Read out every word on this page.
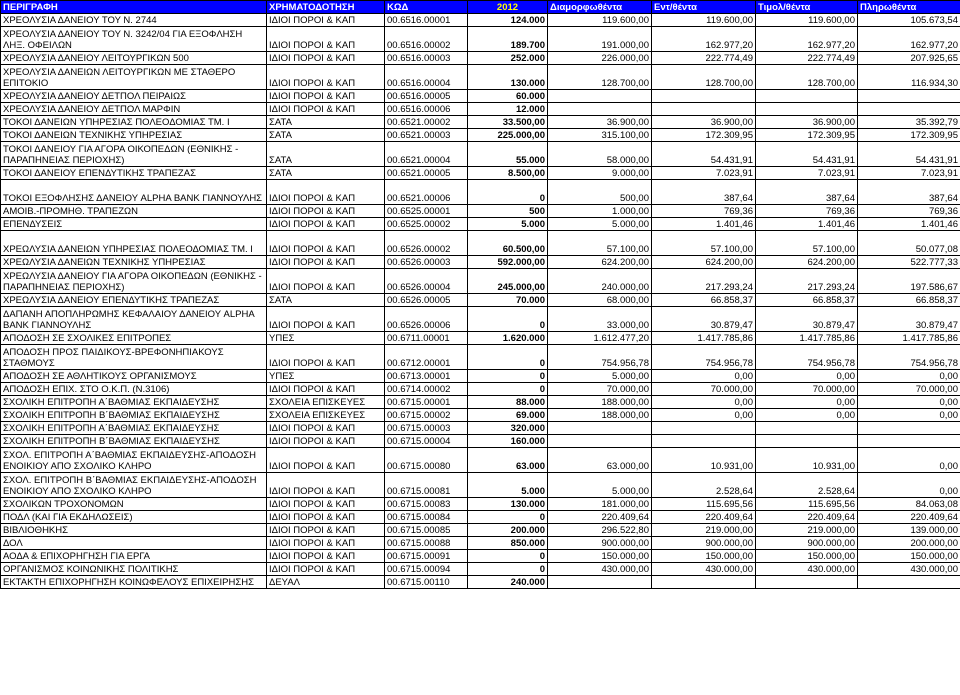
ΠΕΡΙΓΡΑΦΗ	ΧΡΗΜΑΤΟΔΟΤΗΣΗ	ΚΩΔ	2012	Διαμορφωθέντα	Εντ/θέντα	Τιμολ/θέντα	Πληρωθέντα
ΧΡΕΟΛΥΣΙΑ ΔΑΝΕΙΟΥ ΤΟΥ Ν. 2744	ΙΔΙΟΙ ΠΟΡΟΙ & ΚΑΠ	00.6516.00001	124.000	119.600,00	119.600,00	119.600,00	105.673,54
ΧΡΕΟΛΥΣΙΑ ΔΑΝΕΙΟΥ ΤΟΥ Ν. 3242/04 ΓΙΑ ΕΞΟΦΛΗΣΗ ΛΗΞ. ΟΦΕΙΛΩΝ	ΙΔΙΟΙ ΠΟΡΟΙ & ΚΑΠ	00.6516.00002	189.700	191.000,00	162.977,20	162.977,20	162.977,20
ΧΡΕΟΛΥΣΙΑ ΔΑΝΕΙΟΥ ΛΕΙΤΟΥΡΓΙΚΩΝ 500	ΙΔΙΟΙ ΠΟΡΟΙ & ΚΑΠ	00.6516.00003	252.000	226.000,00	222.774,49	222.774,49	207.925,65
ΧΡΕΟΛΥΣΙΑ ΔΑΝΕΙΩΝ ΛΕΙΤΟΥΡΓΙΚΩΝ ΜΕ ΣΤΑΘΕΡΟ ΕΠΙΤΟΚΙΟ	ΙΔΙΟΙ ΠΟΡΟΙ & ΚΑΠ	00.6516.00004	130.000	128.700,00	128.700,00	128.700,00	116.934,30
ΧΡΕΟΛΥΣΙΑ ΔΑΝΕΙΟΥ ΔΕΤΠΟΛ ΠΕΙΡΑΙΩΣ	ΙΔΙΟΙ ΠΟΡΟΙ & ΚΑΠ	00.6516.00005	60.000				
ΧΡΕΟΛΥΣΙΑ ΔΑΝΕΙΟΥ ΔΕΤΠΟΛ ΜΑΡΦΙΝ	ΙΔΙΟΙ ΠΟΡΟΙ & ΚΑΠ	00.6516.00006	12.000				
ΤΟΚΟΙ ΔΑΝΕΙΩΝ ΥΠΗΡΕΣΙΑΣ ΠΟΛΕΟΔΟΜΙΑΣ ΤΜ. Ι	ΣΑΤΑ	00.6521.00002	33.500,00	36.900,00	36.900,00	36.900,00	35.392,79
ΤΟΚΟΙ ΔΑΝΕΙΩΝ ΤΕΧΝΙΚΗΣ ΥΠΗΡΕΣΙΑΣ	ΣΑΤΑ	00.6521.00003	225.000,00	315.100,00	172.309,95	172.309,95	172.309,95
ΤΟΚΟΙ ΔΑΝΕΙΟΥ ΓΙΑ ΑΓΟΡΑ ΟΙΚΟΠΕΔΩΝ (ΕΘΝΙΚΗΣ - ΠΑΡΑΠΗΝΕΙΑΣ ΠΕΡΙΟΧΗΣ)	ΣΑΤΑ	00.6521.00004	55.000	58.000,00	54.431,91	54.431,91	54.431,91
ΤΟΚΟΙ ΔΑΝΕΙΟΥ ΕΠΕΝΔΥΤΙΚΗΣ ΤΡΑΠΕΖΑΣ	ΣΑΤΑ	00.6521.00005	8.500,00	9.000,00	7.023,91	7.023,91	7.023,91
ΤΟΚΟΙ ΕΞΟΦΛΗΣΗΣ ΔΑΝΕΙΟΥ ALPHA BANK ΓΙΑΝΝΟΥΛΗΣ	ΙΔΙΟΙ ΠΟΡΟΙ & ΚΑΠ	00.6521.00006	0	500,00	387,64	387,64	387,64
ΑΜΟΙΒ.-ΠΡΟΜΗΘ. ΤΡΑΠΕΖΩΝ	ΙΔΙΟΙ ΠΟΡΟΙ & ΚΑΠ	00.6525.00001	500	1.000,00	769,36	769,36	769,36
ΕΠΕΝΔΥΣΕΙΣ	ΙΔΙΟΙ ΠΟΡΟΙ & ΚΑΠ	00.6525.00002	5.000	5.000,00	1.401,46	1.401,46	1.401,46
ΧΡΕΩΛΥΣΙΑ ΔΑΝΕΙΩΝ ΥΠΗΡΕΣΙΑΣ ΠΟΛΕΟΔΟΜΙΑΣ ΤΜ. Ι	ΙΔΙΟΙ ΠΟΡΟΙ & ΚΑΠ	00.6526.00002	60.500,00	57.100,00	57.100,00	57.100,00	50.077,08
ΧΡΕΩΛΥΣΙΑ ΔΑΝΕΙΩΝ ΤΕΧΝΙΚΗΣ ΥΠΗΡΕΣΙΑΣ	ΙΔΙΟΙ ΠΟΡΟΙ & ΚΑΠ	00.6526.00003	592.000,00	624.200,00	624.200,00	624.200,00	522.777,33
ΧΡΕΩΛΥΣΙΑ ΔΑΝΕΙΟΥ ΓΙΑ ΑΓΟΡΑ ΟΙΚΟΠΕΔΩΝ (ΕΘΝΙΚΗΣ - ΠΑΡΑΠΗΝΕΙΑΣ ΠΕΡΙΟΧΗΣ)	ΙΔΙΟΙ ΠΟΡΟΙ & ΚΑΠ	00.6526.00004	245.000,00	240.000,00	217.293,24	217.293,24	197.586,67
ΧΡΕΩΛΥΣΙΑ ΔΑΝΕΙΟΥ ΕΠΕΝΔΥΤΙΚΗΣ ΤΡΑΠΕΖΑΣ	ΣΑΤΑ	00.6526.00005	70.000	68.000,00	66.858,37	66.858,37	66.858,37
ΔΑΠΑΝΗ ΑΠΟΠΛΗΡΩΜΗΣ ΚΕΦΑΛΑΙΟΥ ΔΑΝΕΙΟΥ ALPHA BANK ΓΙΑΝΝΟΥΛΗΣ	ΙΔΙΟΙ ΠΟΡΟΙ & ΚΑΠ	00.6526.00006	0	33.000,00	30.879,47	30.879,47	30.879,47
ΑΠΟΔΟΣΗ ΣΕ ΣΧΟΛΙΚΕΣ ΕΠΙΤΡΟΠΕΣ	ΥΠΕΣ	00.6711.00001	1.620.000	1.612.477,20	1.417.785,86	1.417.785,86	1.417.785,86
ΑΠΟΔΟΣΗ ΠΡΟΣ ΠΑΙΔΙΚΟΥΣ-ΒΡΕΦΟΝΗΠΙΑΚΟΥΣ ΣΤΑΘΜΟΥΣ	ΙΔΙΟΙ ΠΟΡΟΙ & ΚΑΠ	00.6712.00001	0	754.956,78	754.956,78	754.956,78	754.956,78
ΑΠΟΔΟΣΗ ΣΕ ΑΘΛΗΤΙΚΟΥΣ ΟΡΓΑΝΙΣΜΟΥΣ	ΥΠΕΣ	00.6713.00001	0	5.000,00	0,00	0,00	0,00
ΑΠΟΔΟΣΗ ΕΠΙΧ. ΣΤΟ Ο.Κ.Π. (Ν.3106)	ΙΔΙΟΙ ΠΟΡΟΙ & ΚΑΠ	00.6714.00002	0	70.000,00	70.000,00	70.000,00	70.000,00
ΣΧΟΛΙΚΗ ΕΠΙΤΡΟΠΗ Α΄ΒΑΘΜΙΑΣ ΕΚΠΑΙΔΕΥΣΗΣ	ΣΧΟΛΕΙΑ ΕΠΙΣΚΕΥΕΣ	00.6715.00001	88.000	188.000,00	0,00	0,00	0,00
ΣΧΟΛΙΚΗ ΕΠΙΤΡΟΠΗ Β΄ΒΑΘΜΙΑΣ ΕΚΠΑΙΔΕΥΣΗΣ	ΣΧΟΛΕΙΑ ΕΠΙΣΚΕΥΕΣ	00.6715.00002	69.000	188.000,00	0,00	0,00	0,00
ΣΧΟΛΙΚΗ ΕΠΙΤΡΟΠΗ Α΄ΒΑΘΜΙΑΣ ΕΚΠΑΙΔΕΥΣΗΣ	ΙΔΙΟΙ ΠΟΡΟΙ & ΚΑΠ	00.6715.00003	320.000				
ΣΧΟΛΙΚΗ ΕΠΙΤΡΟΠΗ Β΄ΒΑΘΜΙΑΣ ΕΚΠΑΙΔΕΥΣΗΣ	ΙΔΙΟΙ ΠΟΡΟΙ & ΚΑΠ	00.6715.00004	160.000				
ΣΧΟΛ. ΕΠΙΤΡΟΠΗ Α΄ΒΑΘΜΙΑΣ ΕΚΠΑΙΔΕΥΣΗΣ-ΑΠΟΔΟΣΗ ΕΝΟΙΚΙΟΥ ΑΠΟ ΣΧΟΛΙΚΟ ΚΛΗΡΟ	ΙΔΙΟΙ ΠΟΡΟΙ & ΚΑΠ	00.6715.00080	63.000	63.000,00	10.931,00	10.931,00	0,00
ΣΧΟΛ. ΕΠΙΤΡΟΠΗ Β΄ΒΑΘΜΙΑΣ ΕΚΠΑΙΔΕΥΣΗΣ-ΑΠΟΔΟΣΗ ΕΝΟΙΚΙΟΥ ΑΠΟ ΣΧΟΛΙΚΟ ΚΛΗΡΟ	ΙΔΙΟΙ ΠΟΡΟΙ & ΚΑΠ	00.6715.00081	5.000	5.000,00	2.528,64	2.528,64	0,00
ΣΧΟΛΙΚΩΝ ΤΡΟΧΟΝΟΜΩΝ	ΙΔΙΟΙ ΠΟΡΟΙ & ΚΑΠ	00.6715.00083	130.000	181.000,00	115.695,56	115.695,56	84.063,08
ΠΟΔΛ (ΚΑΙ ΓΙΑ ΕΚΔΗΛΩΣΕΙΣ)	ΙΔΙΟΙ ΠΟΡΟΙ & ΚΑΠ	00.6715.00084	0	220.409,64	220.409,64	220.409,64	220.409,64
ΒΙΒΛΙΟΘΗΚΗΣ	ΙΔΙΟΙ ΠΟΡΟΙ & ΚΑΠ	00.6715.00085	200.000	296.522,80	219.000,00	219.000,00	139.000,00
ΔΟΛ	ΙΔΙΟΙ ΠΟΡΟΙ & ΚΑΠ	00.6715.00088	850.000	900.000,00	900.000,00	900.000,00	200.000,00
ΑΟΔΑ & ΕΠΙΧΟΡΗΓΗΣΗ ΓΙΑ ΕΡΓΑ	ΙΔΙΟΙ ΠΟΡΟΙ & ΚΑΠ	00.6715.00091	0	150.000,00	150.000,00	150.000,00	150.000,00
ΟΡΓΑΝΙΣΜΟΣ ΚΟΙΝΩΝΙΚΗΣ ΠΟΛΙΤΙΚΗΣ	ΙΔΙΟΙ ΠΟΡΟΙ & ΚΑΠ	00.6715.00094	0	430.000,00	430.000,00	430.000,00	430.000,00
ΕΚΤΑΚΤΗ ΕΠΙΧΟΡΗΓΗΣΗ ΚΟΙΝΩΦΕΛΟΥΣ ΕΠΙΧΕΙΡΗΣΗΣ	ΔΕΥΑΛ	00.6715.00110	240.000				
